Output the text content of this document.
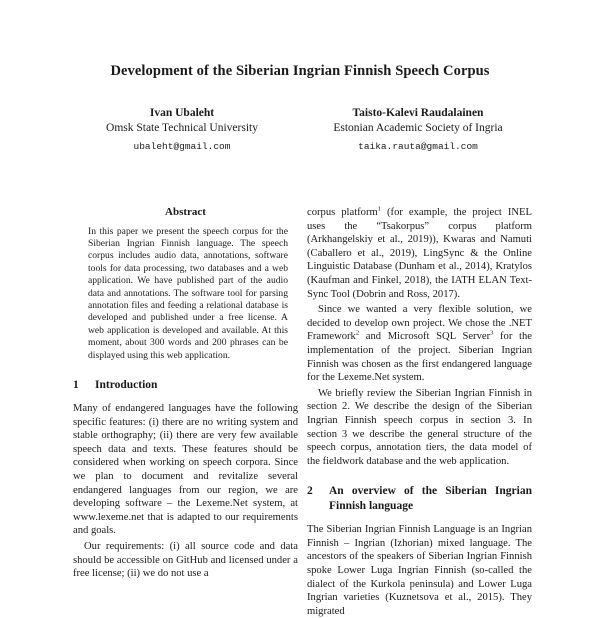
Development of the Siberian Ingrian Finnish Speech Corpus
Ivan Ubaleht
Omsk State Technical University
ubaleht@gmail.com
Taisto-Kalevi Raudalainen
Estonian Academic Society of Ingria
taika.rauta@gmail.com
Abstract

In this paper we present the speech corpus for the Siberian Ingrian Finnish language. The speech corpus includes audio data, annotations, software tools for data processing, two databases and a web application. We have published part of the audio data and annotations. The software tool for parsing annotation files and feeding a relational database is developed and published under a free license. A web application is developed and available. At this moment, about 300 words and 200 phrases can be displayed using this web application.

1	Introduction

Many of endangered languages have the following specific features: (i) there are no writing system and stable orthography; (ii) there are very few available speech data and texts. These features should be considered when working on speech corpora. Since we plan to document and revitalize several endangered languages from our region, we are developing software – the Lexeme.Net system, at www.lexeme.net that is adapted to our requirements and goals.

Our requirements: (i) all source code and data should be accessible on GitHub and licensed under a free license; (ii) we do not use a

corpus platform$^1$ (for example, the project INEL uses the “Tsakorpus” corpus platform (Arkhangelskiy et al., 2019)), Kwaras and Namuti (Caballero et al., 2019), LingSync & the Online Linguistic Database (Dunham et al., 2014), Kratylos (Kaufman and Finkel, 2018), the IATH ELAN Text-Sync Tool (Dobrin and Ross, 2017).

Since we wanted a very flexible solution, we decided to develop own project. We chose the .NET Framework$^2$ and Microsoft SQL Server$^3$ for the implementation of the project. Siberian Ingrian Finnish was chosen as the first endangered language for the Lexeme.Net system.

We briefly review the Siberian Ingrian Finnish in section 2. We describe the design of the Siberian Ingrian Finnish speech corpus in section 3. In section 3 we describe the general structure of the speech corpus, annotation tiers, the data model of the fieldwork database and the web application.

2	An overview of the Siberian Ingrian Finnish language

The Siberian Ingrian Finnish Language is an Ingrian Finnish – Ingrian (Izhorian) mixed language. The ancestors of the speakers of Siberian Ingrian Finnish spoke Lower Luga Ingrian Finnish (so-called the dialect of the Kurkola peninsula) and Lower Luga Ingrian varieties (Kuznetsova et al., 2015). They migrated
